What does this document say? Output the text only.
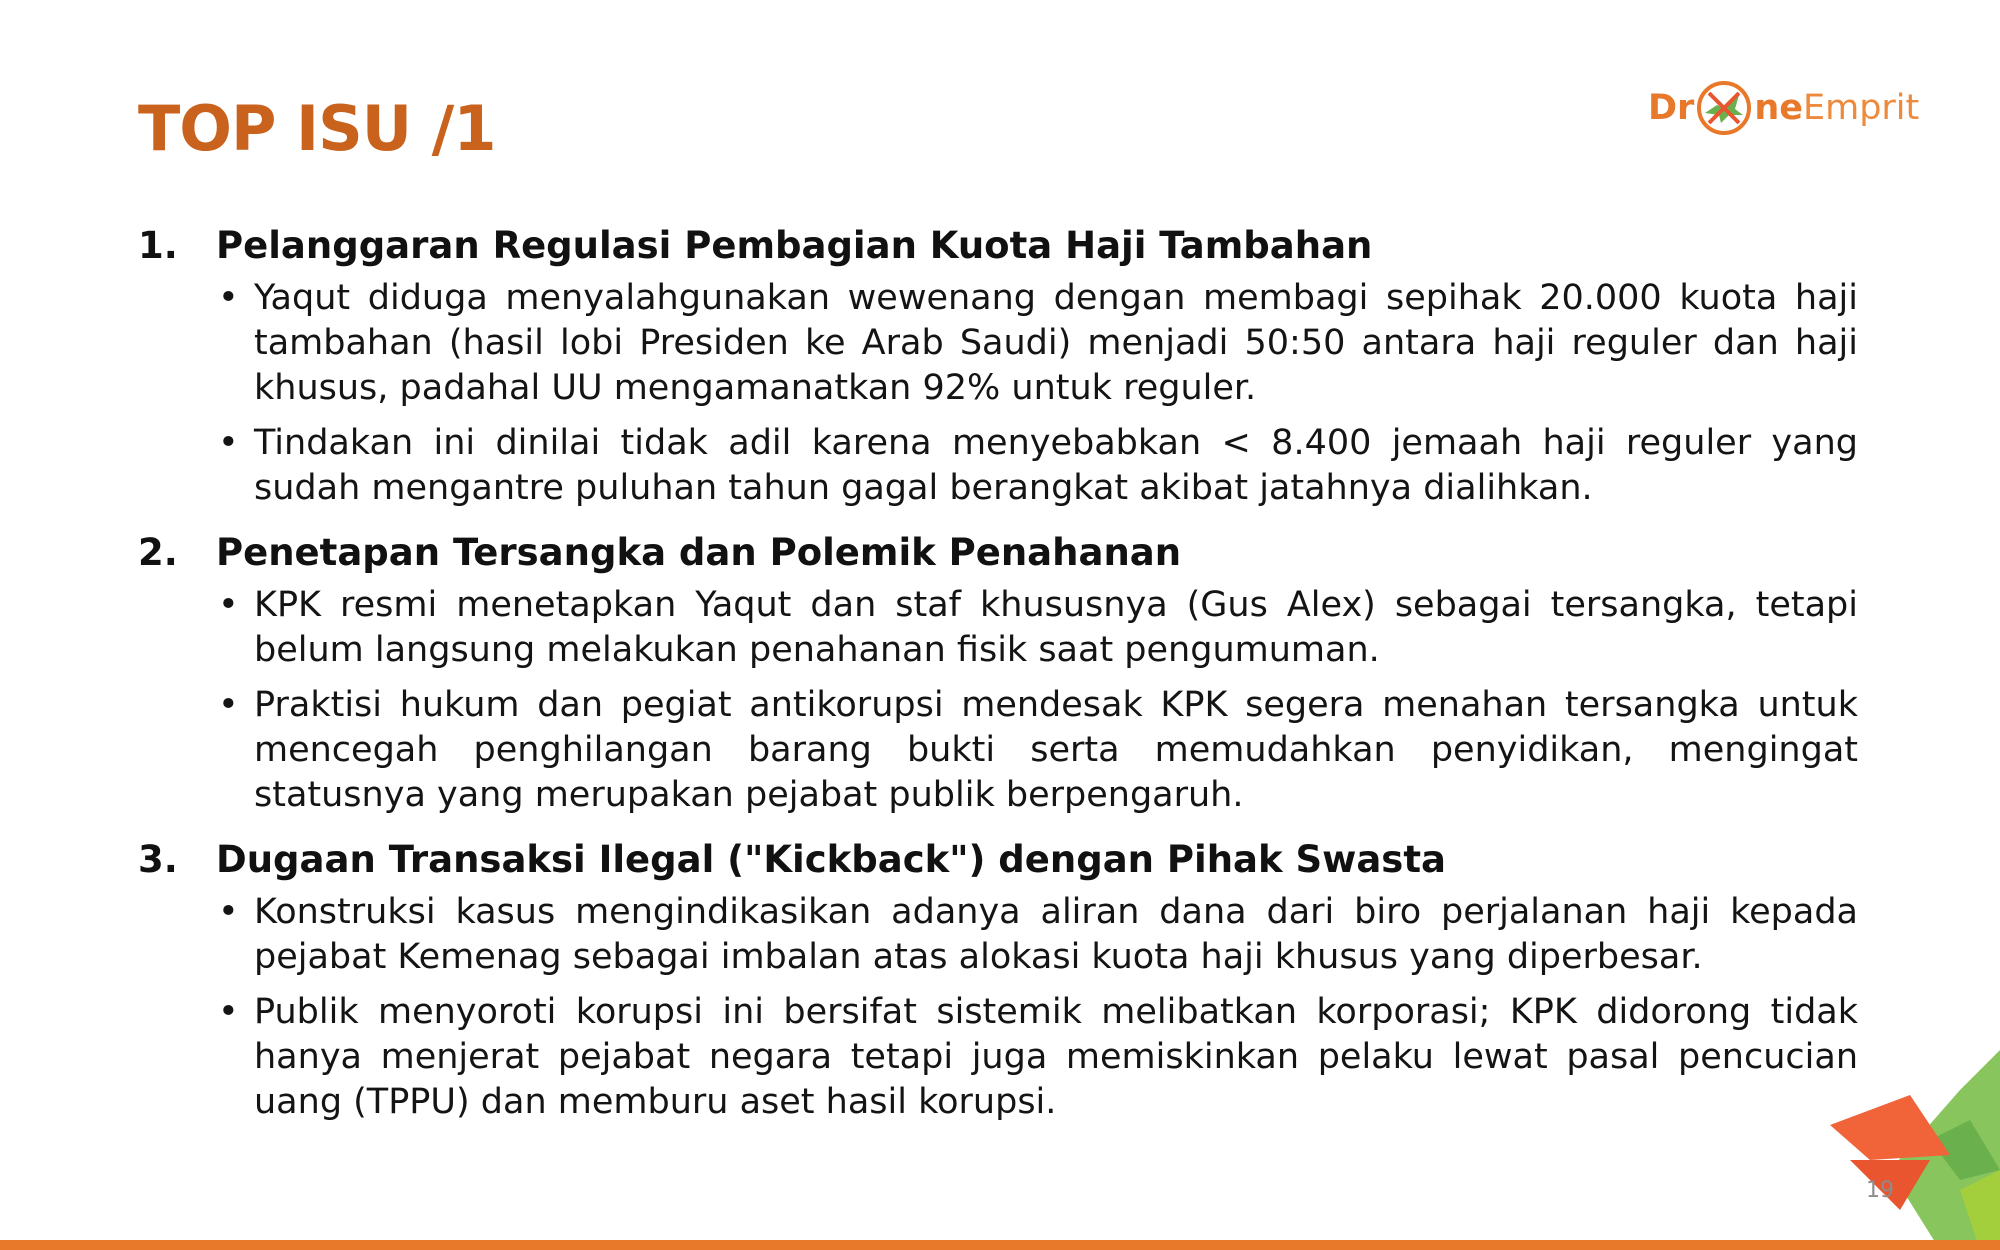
TOP ISU /1	Dr ne Emprit
1.	Pelanggaran Regulasi Pembagian Kuota Haji Tambahan
• Yaqut diduga menyalahgunakan wewenang dengan membagi sepihak 20.000 kuota haji tambahan (hasil lobi Presiden ke Arab Saudi) menjadi 50:50 antara haji reguler dan haji khusus, padahal UU mengamanatkan 92% untuk reguler.
• Tindakan ini dinilai tidak adil karena menyebabkan < 8.400 jemaah haji reguler yang sudah mengantre puluhan tahun gagal berangkat akibat jatahnya dialihkan.
2.	Penetapan Tersangka dan Polemik Penahanan
• KPK resmi menetapkan Yaqut dan staf khususnya (Gus Alex) sebagai tersangka, tetapi belum langsung melakukan penahanan fisik saat pengumuman.
• Praktisi hukum dan pegiat antikorupsi mendesak KPK segera menahan tersangka untuk mencegah penghilangan barang bukti serta memudahkan penyidikan, mengingat statusnya yang merupakan pejabat publik berpengaruh.
3.	Dugaan Transaksi Ilegal ("Kickback") dengan Pihak Swasta
• Konstruksi kasus mengindikasikan adanya aliran dana dari biro perjalanan haji kepada pejabat Kemenag sebagai imbalan atas alokasi kuota haji khusus yang diperbesar.
• Publik menyoroti korupsi ini bersifat sistemik melibatkan korporasi; KPK didorong tidak hanya menjerat pejabat negara tetapi juga memiskinkan pelaku lewat pasal pencucian uang (TPPU) dan memburu aset hasil korupsi.
19
